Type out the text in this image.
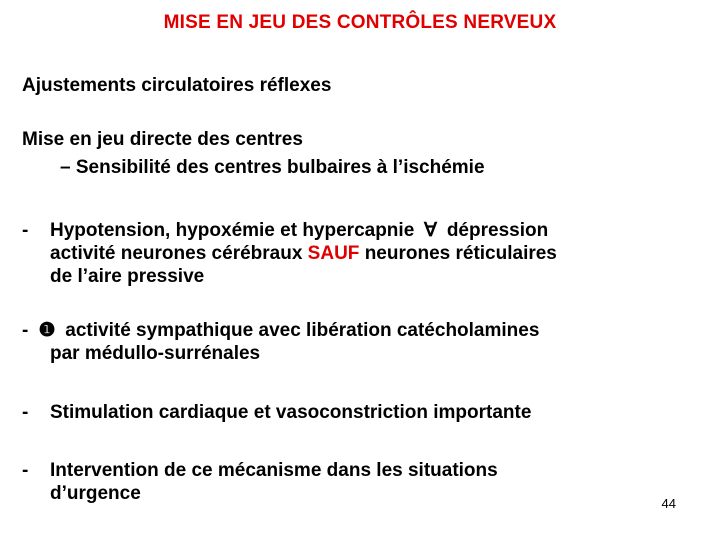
MISE EN JEU DES CONTRÔLES NERVEUX
Ajustements circulatoires réflexes
Mise en jeu directe des centres
– Sensibilité des centres bulbaires à l’ischémie
- Hypotension, hypoxémie et hypercapnie ∀ dépression
activité neurones cérébraux SAUF neurones réticulaires
de l’aire pressive
- ❶ activité sympathique avec libération catécholamines
par médullo-surrénales
- Stimulation cardiaque et vasoconstriction importante
- Intervention de ce mécanisme dans les situations
d’urgence	44
